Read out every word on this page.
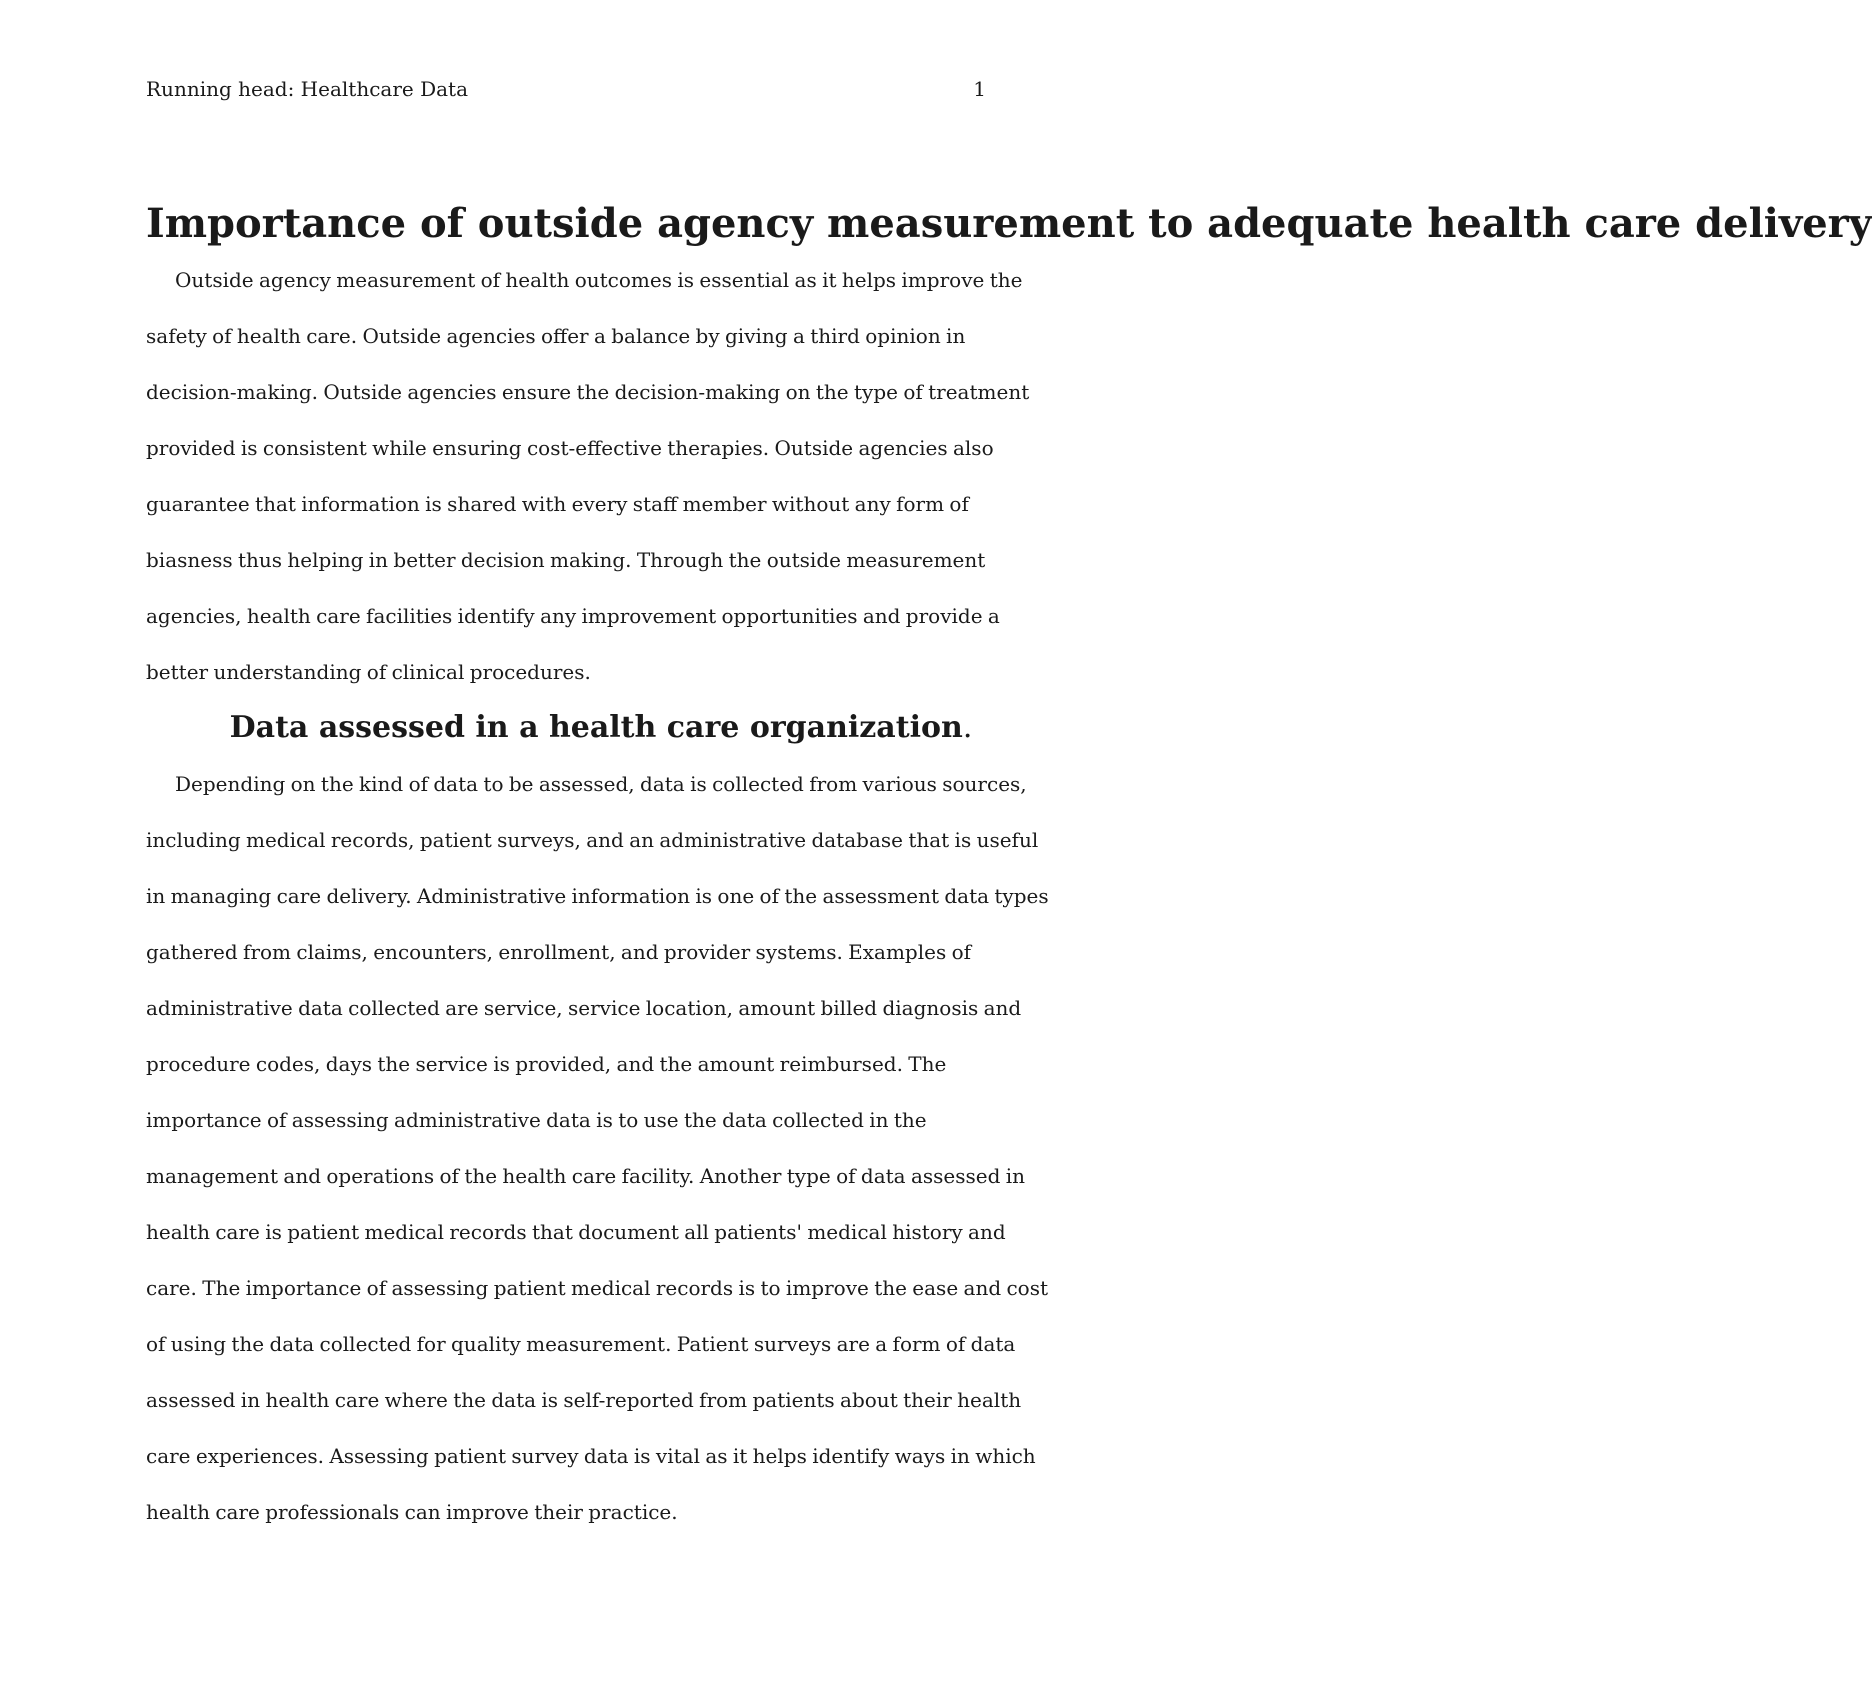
Running head: Healthcare Data	1
Importance of outside agency measurement to adequate health care delivery

Outside agency measurement of health outcomes is essential as it helps improve the safety of health care. Outside agencies offer a balance by giving a third opinion in decision-making. Outside agencies ensure the decision-making on the type of treatment provided is consistent while ensuring cost-effective therapies. Outside agencies also guarantee that information is shared with every staff member without any form of biasness thus helping in better decision making. Through the outside measurement agencies, health care facilities identify any improvement opportunities and provide a better understanding of clinical procedures.

Data assessed in a health care organization.

Depending on the kind of data to be assessed, data is collected from various sources, including medical records, patient surveys, and an administrative database that is useful in managing care delivery. Administrative information is one of the assessment data types gathered from claims, encounters, enrollment, and provider systems. Examples of administrative data collected are service, service location, amount billed diagnosis and procedure codes, days the service is provided, and the amount reimbursed. The importance of assessing administrative data is to use the data collected in the management and operations of the health care facility. Another type of data assessed in health care is patient medical records that document all patients' medical history and care. The importance of assessing patient medical records is to improve the ease and cost of using the data collected for quality measurement. Patient surveys are a form of data assessed in health care where the data is self-reported from patients about their health care experiences. Assessing patient survey data is vital as it helps identify ways in which health care professionals can improve their practice.
